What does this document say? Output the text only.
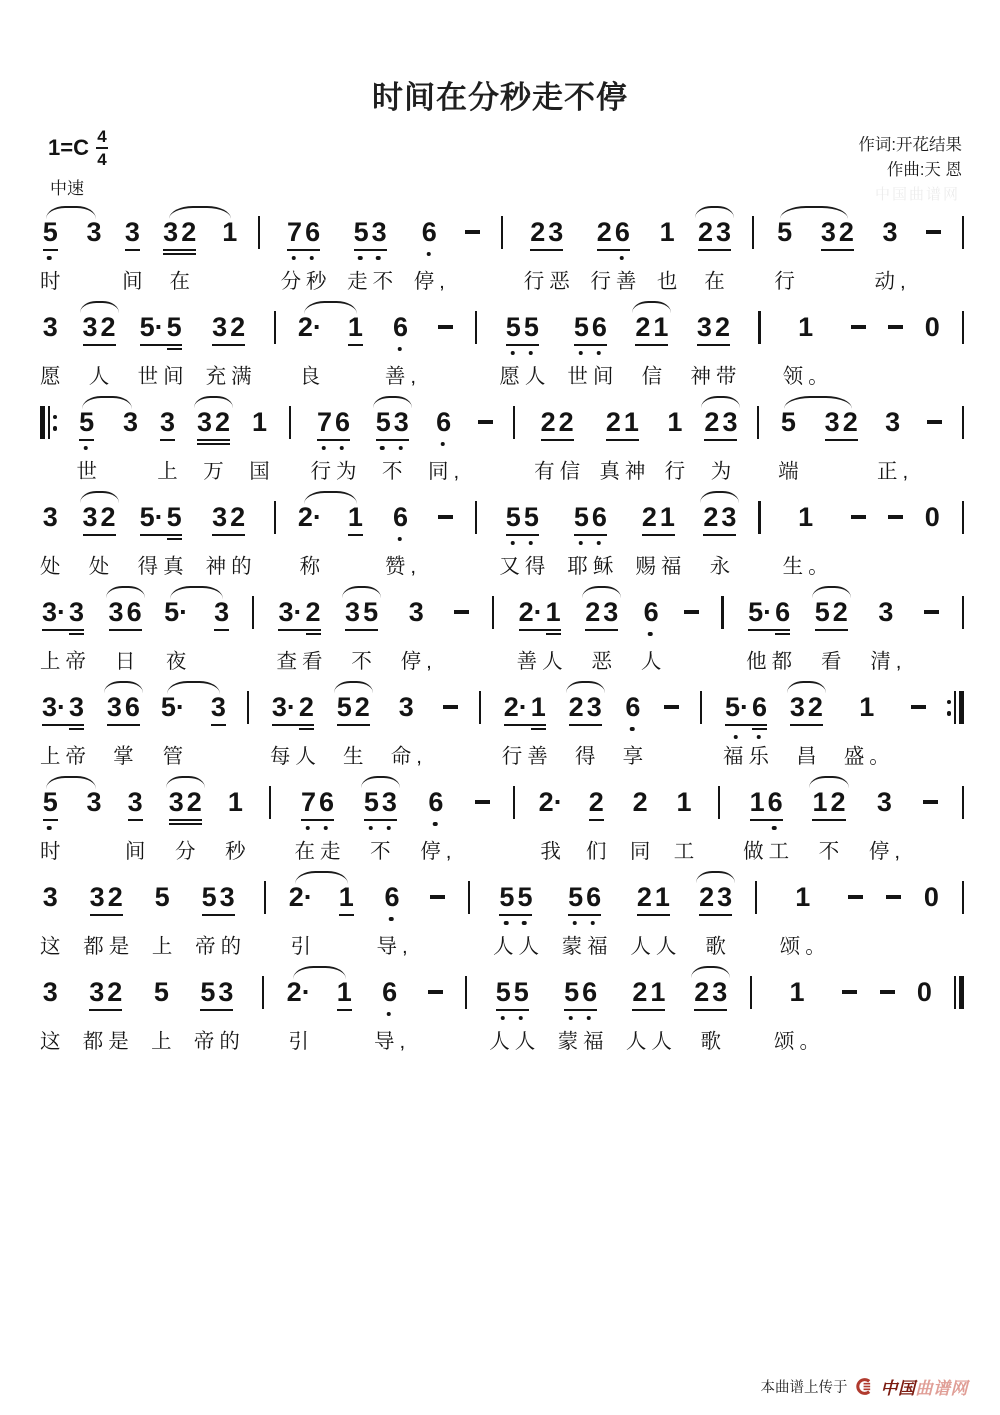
时间在分秒走不停
$1=C \frac{4}{4}$	作词:开花结果
作曲:天 恩
中速	中国曲谱网
5
时
3 3
间
3 2
在
1 7 6
分秒
5 3
走不
6
停,
2 3
行恶
2 6
行善
1
也
2 3
在
5
行
3 2 3
动,
3
愿
3 2
人
5· 5
世间
3 2
充满
2·
良
1 6
善,
5 5
愿人
5 6
世间
2 1
信
3 2
神带
1
领。
0
5
世
3 3
上
3 2
万
1
国
7 6
行为
5 3
不
6
同,
2 2
有信
2 1
真神
1
行
2 3
为
5
端
3 2 3
正,
3
处
3 2
处
5· 5
得真
3 2
神的
2·
称
1 6
赞,
5 5
又得
5 6
耶稣
2 1
赐福
2 3
永
1
生。
0
3· 3
上帝
3 6
日
5·
夜
3 3· 2
查看
3 5
不
3
停,
2· 1
善人
2 3
恶
6
人
5· 6
他都
5 2
看
3
清,
3· 3
上帝
3 6
掌
5·
管
3 3· 2
每人
5 2
生
3
命,
2· 1
行善
2 3
得
6
享
5· 6
福乐
3 2
昌
1
盛。
5
时
3 3
间
3 2
分
1
秒
7 6
在走
5 3
不
6
停,
2·
我
2
们
2
同
1
工
1 6
做工
1 2
不
3
停,
3
这
3 2
都是
5
上
5 3
帝的
2·
引
1 6
导,
5 5
人人
5 6
蒙福
2 1
人人
2 3
歌
1
颂。
0
3
这
3 2
都是
5
上
5 3
帝的
2·
引
1 6
导,
5 5
人人
5 6
蒙福
2 1
人人
2 3
歌
1
颂。
0
本曲谱上传于 中国 曲谱网
